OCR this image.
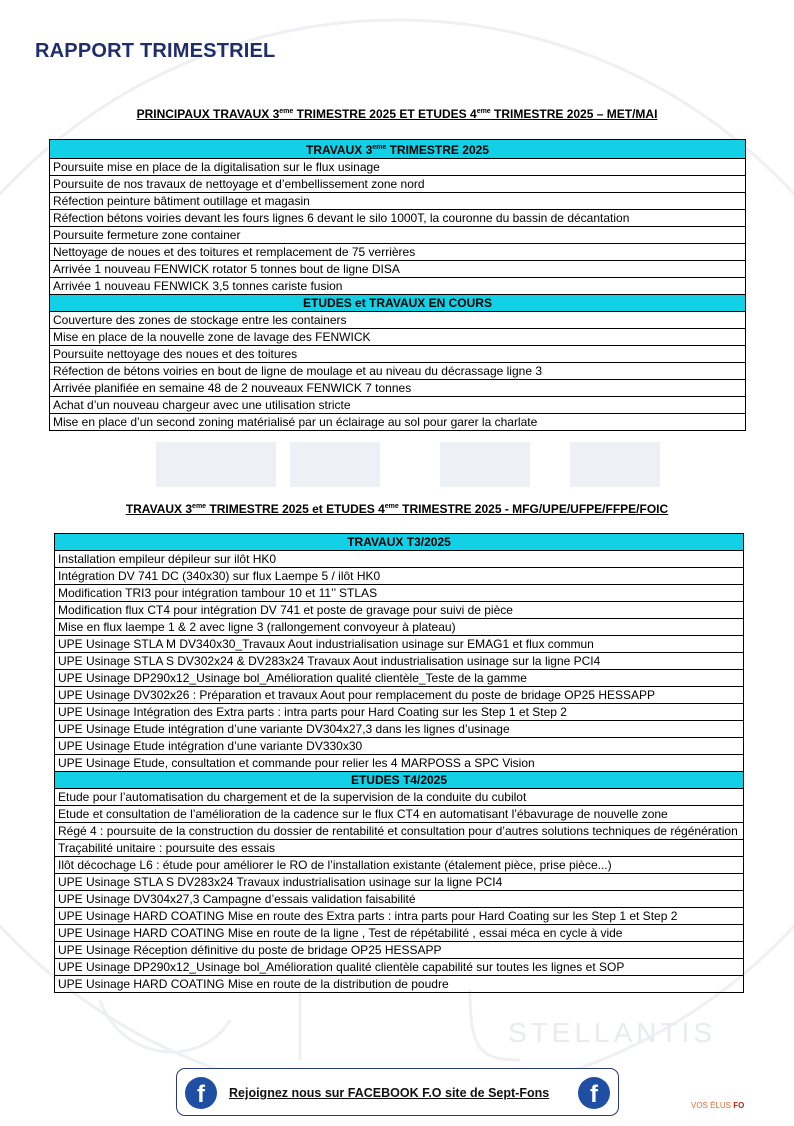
STELLANTIS
RAPPORT TRIMESTRIEL

PRINCIPAUX TRAVAUX 3eme TRIMESTRE 2025 ET ETUDES 4eme TRIMESTRE 2025 – MET/MAI

TRAVAUX 3eme TRIMESTRE 2025
Poursuite mise en place de la digitalisation sur le flux usinage
Poursuite de nos travaux de nettoyage et d’embellissement zone nord
Réfection peinture bâtiment outillage et magasin
Réfection bétons voiries devant les fours lignes 6 devant le silo 1000T, la couronne du bassin de décantation
Poursuite fermeture zone container
Nettoyage de noues et des toitures et remplacement de 75 verrières
Arrivée 1 nouveau FENWICK rotator 5 tonnes bout de ligne DISA
Arrivée 1 nouveau FENWICK 3,5 tonnes cariste fusion
ETUDES et TRAVAUX EN COURS
Couverture des zones de stockage entre les containers
Mise en place de la nouvelle zone de lavage des FENWICK
Poursuite nettoyage des noues et des toitures
Réfection de bétons voiries en bout de ligne de moulage et au niveau du décrassage ligne 3
Arrivée planifiée en semaine 48 de 2 nouveaux FENWICK 7 tonnes
Achat d’un nouveau chargeur avec une utilisation stricte
Mise en place d’un second zoning matérialisé par un éclairage au sol pour garer la charlate

TRAVAUX 3eme TRIMESTRE 2025 et ETUDES 4eme TRIMESTRE 2025 - MFG/UPE/UFPE/FFPE/FOIC

TRAVAUX T3/2025
Installation empileur dépileur sur ilôt HK0
Intégration DV 741 DC (340x30) sur flux Laempe 5 / ilôt HK0
Modification TRI3 pour intégration tambour 10 et 11’’ STLAS
Modification flux CT4 pour intégration DV 741 et poste de gravage pour suivi de pièce
Mise en flux laempe 1 & 2 avec ligne 3 (rallongement convoyeur à plateau)
UPE Usinage STLA M DV340x30_Travaux Aout industrialisation usinage sur EMAG1 et flux commun
UPE Usinage STLA S DV302x24 & DV283x24 Travaux Aout industrialisation usinage sur la ligne PCI4
UPE Usinage DP290x12_Usinage bol_Amélioration qualité clientèle_Teste de la gamme
UPE Usinage DV302x26 : Préparation et travaux Aout pour remplacement du poste de bridage OP25 HESSAPP
UPE Usinage Intégration des Extra parts : intra parts pour Hard Coating sur les Step 1 et Step 2
UPE Usinage Etude intégration d’une variante DV304x27,3 dans les lignes d’usinage
UPE Usinage Etude intégration d’une variante DV330x30
UPE Usinage Etude, consultation et commande pour relier les 4 MARPOSS a SPC Vision
ETUDES T4/2025
Etude pour l’automatisation du chargement et de la supervision de la conduite du cubilot
Etude et consultation de l’amélioration de la cadence sur le flux CT4 en automatisant l’ébavurage de nouvelle zone
Régé 4 : poursuite de la construction du dossier de rentabilité et consultation pour d’autres solutions techniques de régénération
Traçabilité unitaire : poursuite des essais
Ilôt décochage L6 : étude pour améliorer le RO de l’installation existante (étalement pièce, prise pièce...)
UPE Usinage STLA S DV283x24 Travaux industrialisation usinage sur la ligne PCI4
UPE Usinage DV304x27,3 Campagne d’essais validation faisabilité
UPE Usinage HARD COATING Mise en route des Extra parts : intra parts pour Hard Coating sur les Step 1 et Step 2
UPE Usinage HARD COATING Mise en route de la ligne , Test de répétabilité , essai méca en cycle à vide
UPE Usinage Réception définitive du poste de bridage OP25 HESSAPP
UPE Usinage DP290x12_Usinage bol_Amélioration qualité clientèle capabilité sur toutes les lignes et SOP
UPE Usinage HARD COATING Mise en route de la distribution de poudre
f	Rejoignez nous sur FACEBOOK F.O site de Sept-Fons	f	VOS ÉLUS FO
